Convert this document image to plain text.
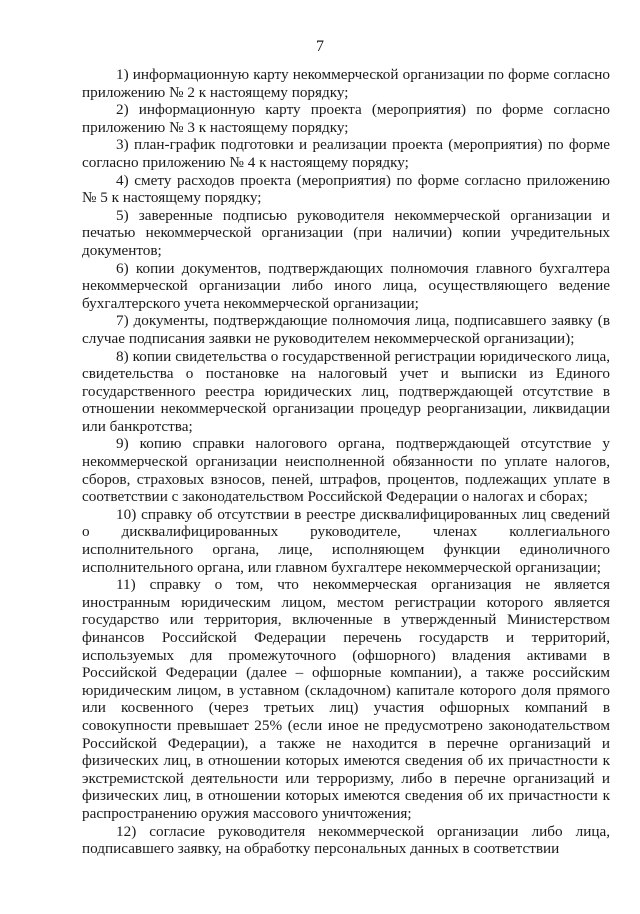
7

1) информационную карту некоммерческой организации по форме согласно приложению № 2 к настоящему порядку;

2) информационную карту проекта (мероприятия) по форме согласно приложению № 3 к настоящему порядку;

3) план-график подготовки и реализации проекта (мероприятия) по форме согласно приложению № 4 к настоящему порядку;

4) смету расходов проекта (мероприятия) по форме согласно приложению № 5 к настоящему порядку;

5) заверенные подписью руководителя некоммерческой организации и печатью некоммерческой организации (при наличии) копии учредительных документов;

6) копии документов, подтверждающих полномочия главного бухгалтера некоммерческой организации либо иного лица, осуществляющего ведение бухгалтерского учета некоммерческой организации;

7) документы, подтверждающие полномочия лица, подписавшего заявку (в случае подписания заявки не руководителем некоммерческой организации);

8) копии свидетельства о государственной регистрации юридического лица, свидетельства о постановке на налоговый учет и выписки из Единого государственного реестра юридических лиц, подтверждающей отсутствие в отношении некоммерческой организации процедур реорганизации, ликвидации или банкротства;

9) копию справки налогового органа, подтверждающей отсутствие у некоммерческой организации неисполненной обязанности по уплате налогов, сборов, страховых взносов, пеней, штрафов, процентов, подлежащих уплате в соответствии с законодательством Российской Федерации о налогах и сборах;

10) справку об отсутствии в реестре дисквалифицированных лиц сведений о дисквалифицированных руководителе, членах коллегиального исполнительного органа, лице, исполняющем функции единоличного исполнительного органа, или главном бухгалтере некоммерческой организации;

11) справку о том, что некоммерческая организация не является иностранным юридическим лицом, местом регистрации которого является государство или территория, включенные в утвержденный Министерством финансов Российской Федерации перечень государств и территорий, используемых для промежуточного (офшорного) владения активами в Российской Федерации (далее – офшорные компании), а также российским юридическим лицом, в уставном (складочном) капитале которого доля прямого или косвенного (через третьих лиц) участия офшорных компаний в совокупности превышает 25% (если иное не предусмотрено законодательством Российской Федерации), а также не находится в перечне организаций и физических лиц, в отношении которых имеются сведения об их причастности к экстремистской деятельности или терроризму, либо в перечне организаций и физических лиц, в отношении которых имеются сведения об их причастности к распространению оружия массового уничтожения;

12) согласие руководителя некоммерческой организации либо лица, подписавшего заявку, на обработку персональных данных в соответствии
